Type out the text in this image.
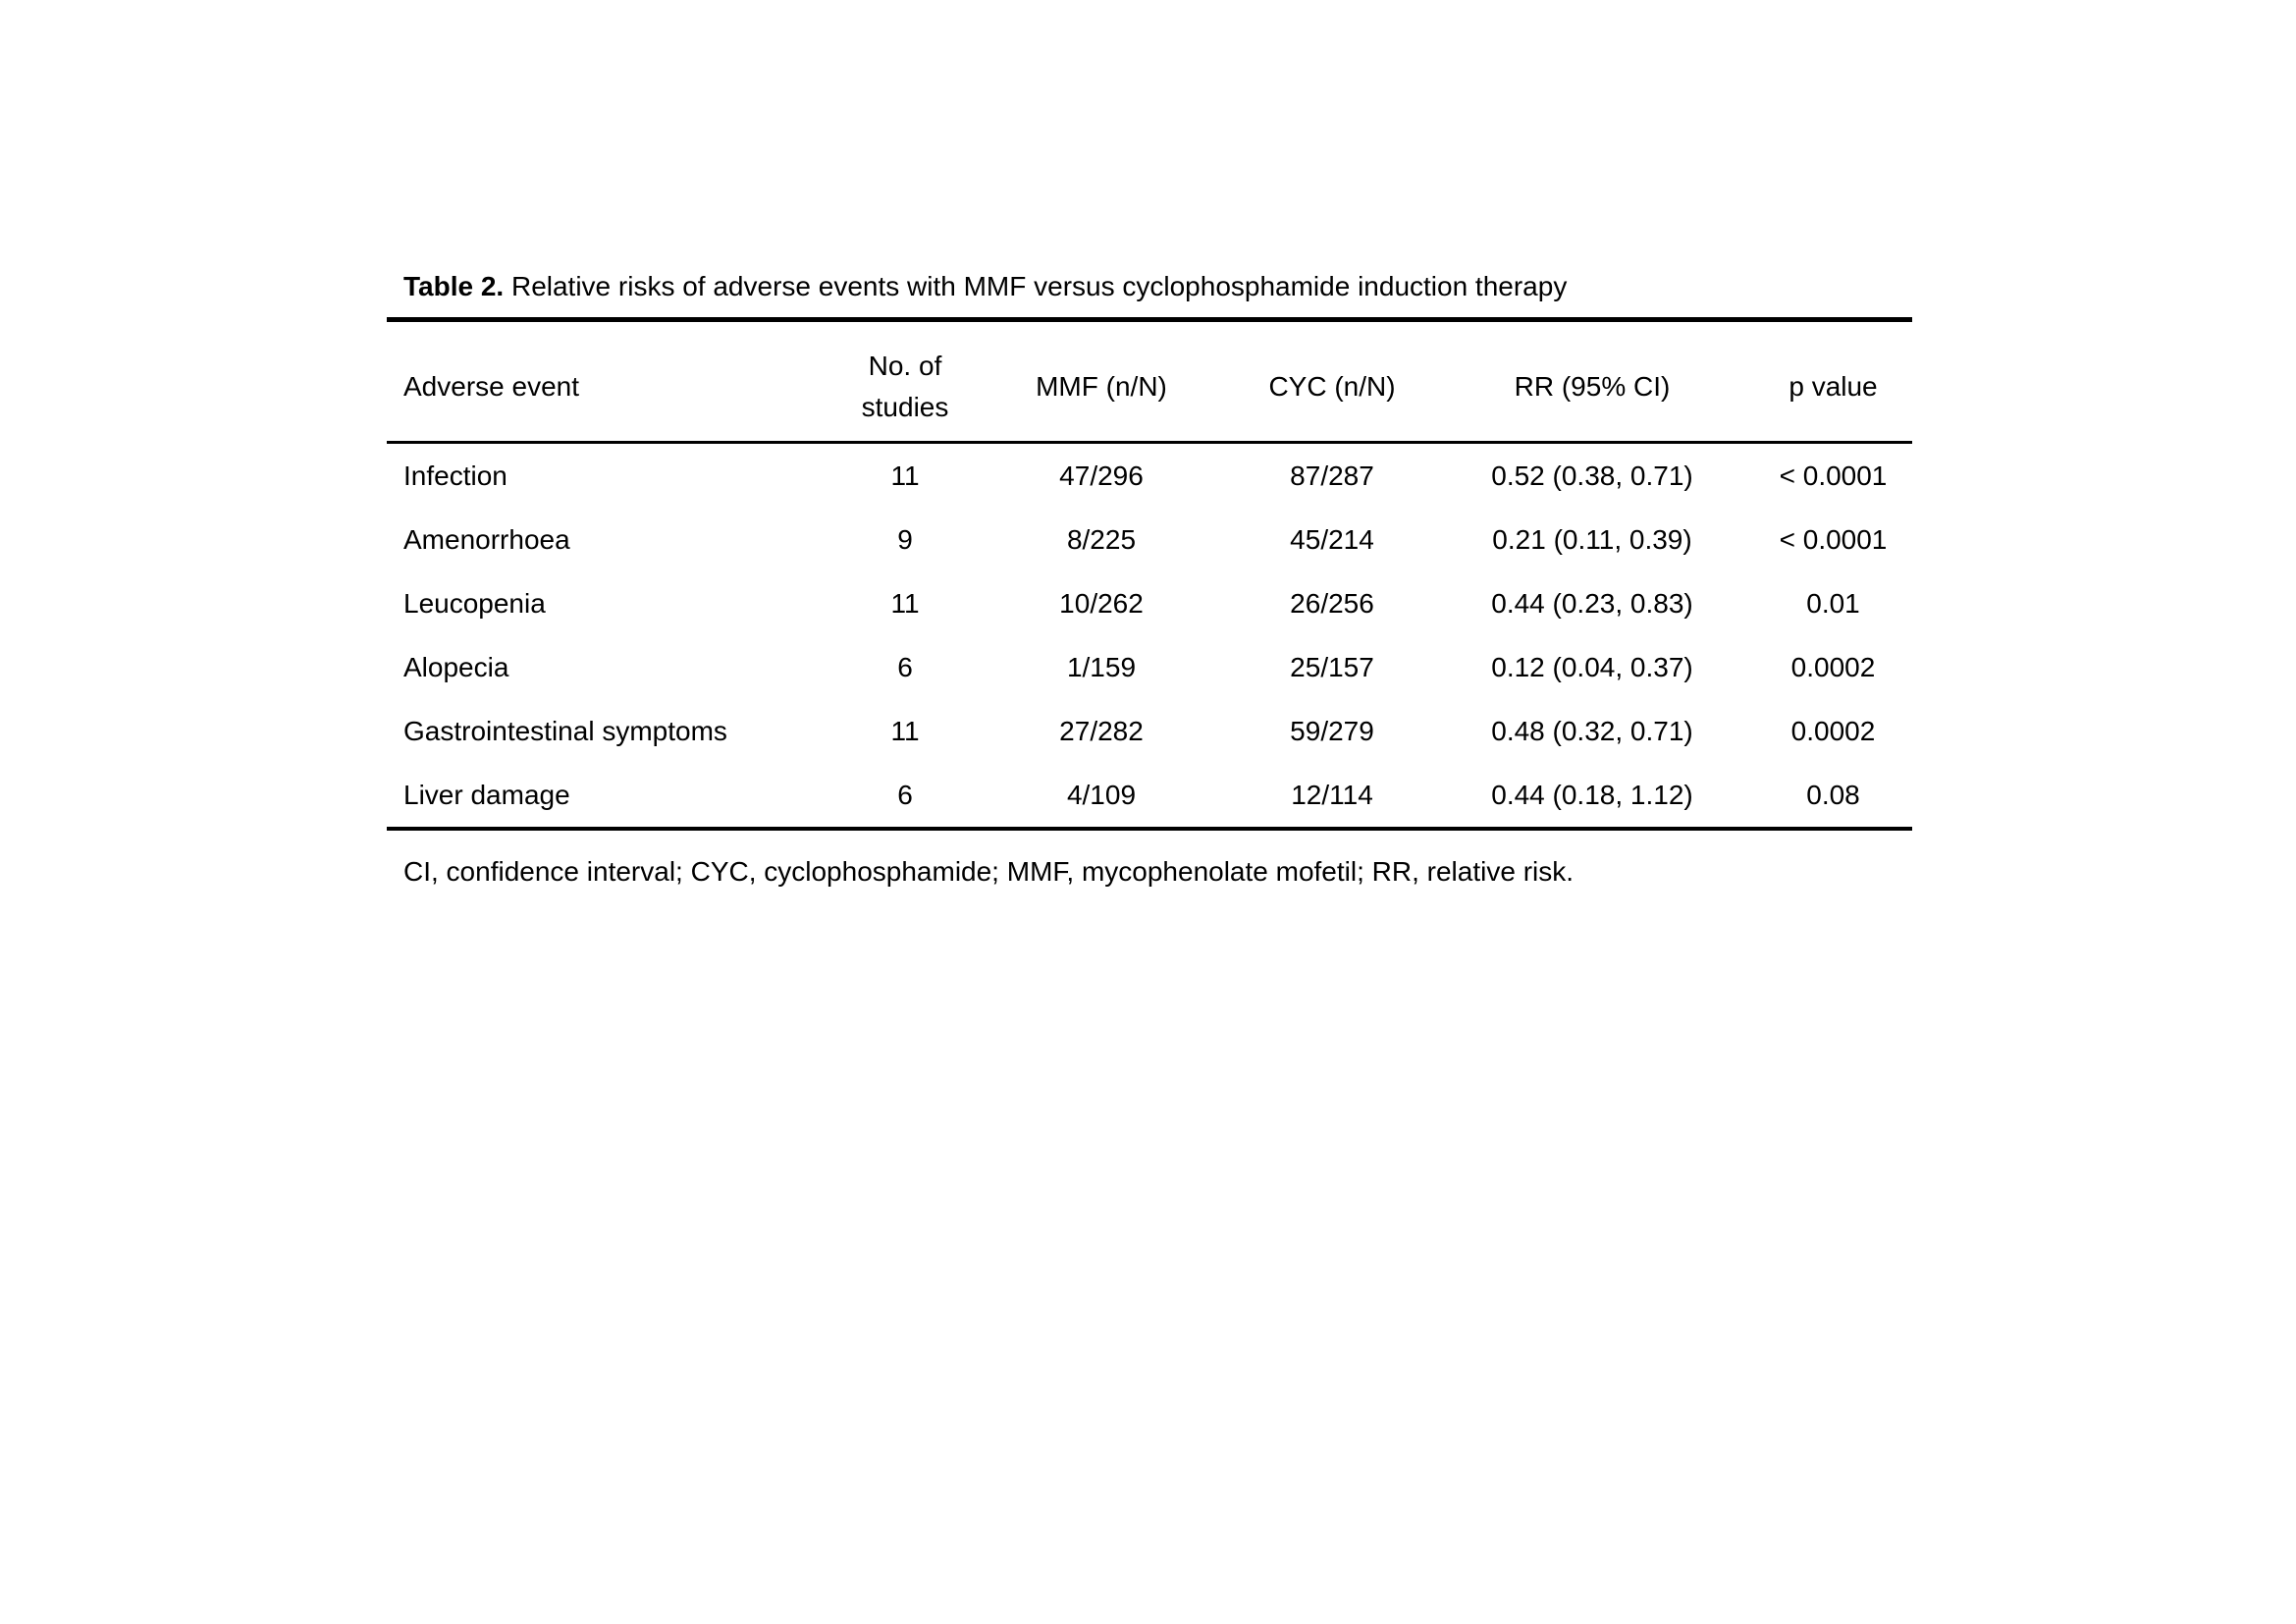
Table 2. Relative risks of adverse events with MMF versus cyclophosphamide induction therapy

Adverse event	No. of studies	MMF (n/N)	CYC (n/N)	RR (95% CI)	p value
Infection	11	47/296	87/287	0.52 (0.38, 0.71)	< 0.0001
Amenorrhoea	9	8/225	45/214	0.21 (0.11, 0.39)	< 0.0001
Leucopenia	11	10/262	26/256	0.44 (0.23, 0.83)	0.01
Alopecia	6	1/159	25/157	0.12 (0.04, 0.37)	0.0002
Gastrointestinal symptoms	11	27/282	59/279	0.48 (0.32, 0.71)	0.0002
Liver damage	6	4/109	12/114	0.44 (0.18, 1.12)	0.08

CI, confidence interval; CYC, cyclophosphamide; MMF, mycophenolate mofetil; RR, relative risk.
